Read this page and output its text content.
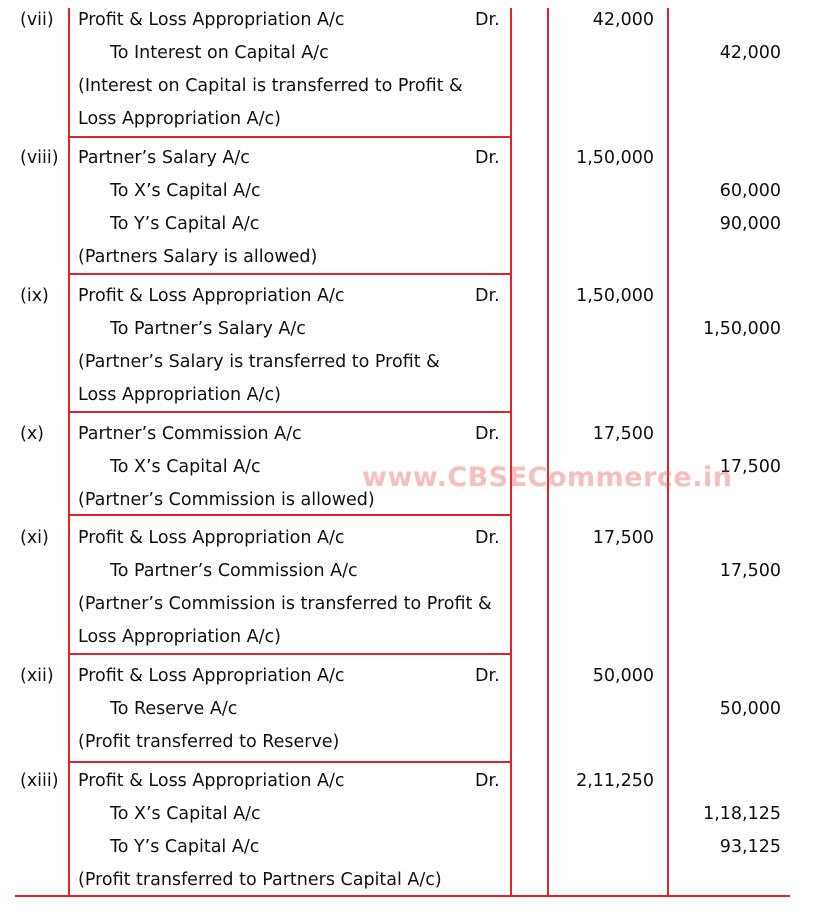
(vii) Profit & Loss Appropriation A/c	Dr.	42,000
To Interest on Capital A/c	42,000
(Interest on Capital is transferred to Profit &
Loss Appropriation A/c)
(viii) Partner’s Salary A/c	Dr.	1,50,000
To X’s Capital A/c	60,000
To Y’s Capital A/c	90,000
(Partners Salary is allowed)
(ix) Profit & Loss Appropriation A/c	Dr.	1,50,000
To Partner’s Salary A/c	1,50,000
(Partner’s Salary is transferred to Profit &
Loss Appropriation A/c)
(x) Partner’s Commission A/c	Dr.	17,500
To X’s Capital A/c	17,500
(Partner’s Commission is allowed)
(xi) Profit & Loss Appropriation A/c	Dr.	17,500
To Partner’s Commission A/c	17,500
(Partner’s Commission is transferred to Profit &
Loss Appropriation A/c)
(xii) Profit & Loss Appropriation A/c	Dr.	50,000
To Reserve A/c	50,000
(Profit transferred to Reserve)
(xiii) Profit & Loss Appropriation A/c	Dr.	2,11,250
To X’s Capital A/c	1,18,125
To Y’s Capital A/c	93,125
(Profit transferred to Partners Capital A/c)
www.CBSECommerce.in
